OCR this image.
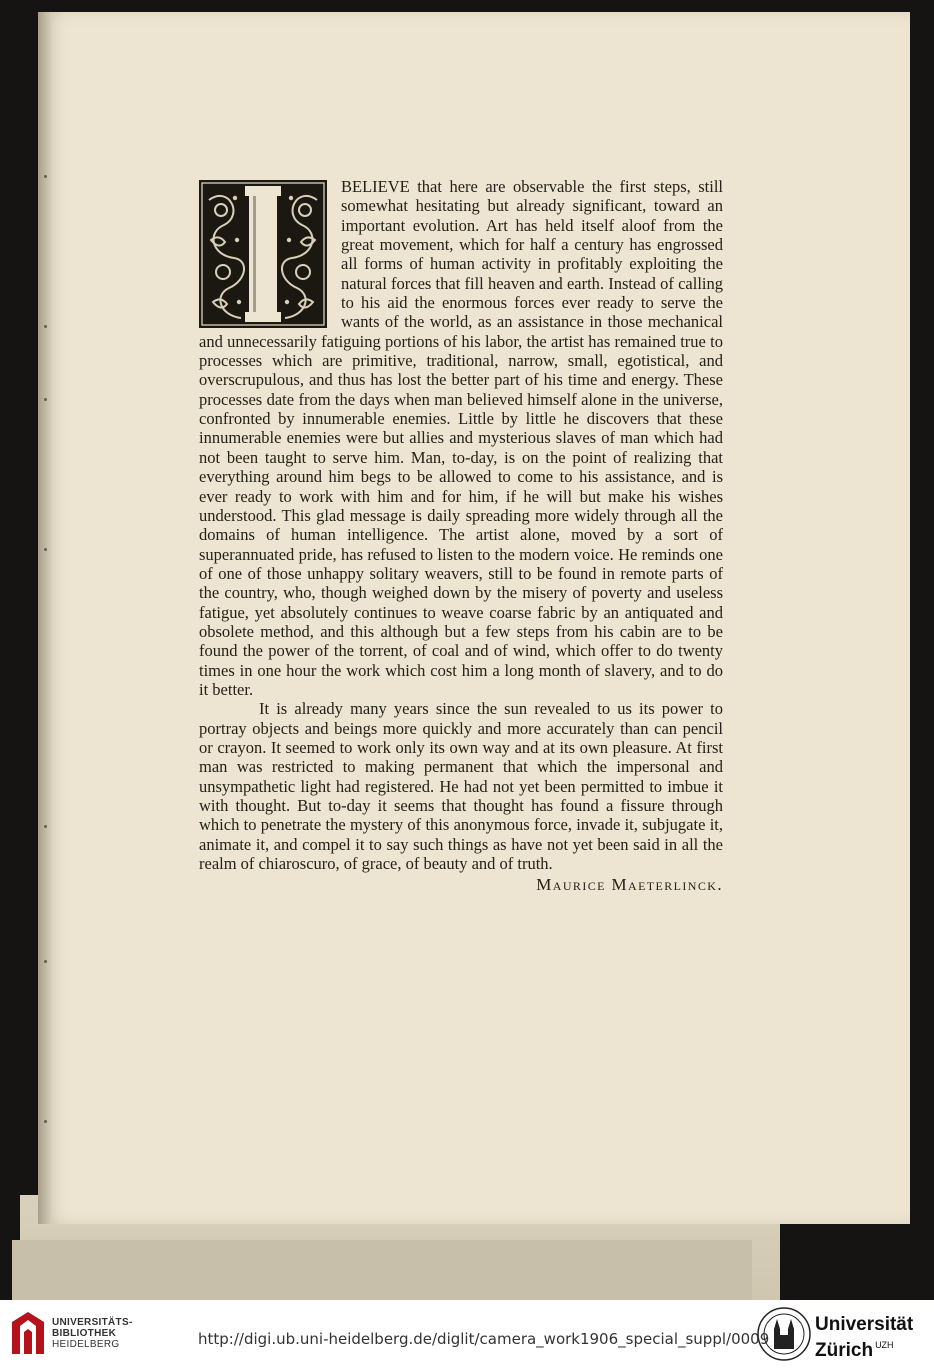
BELIEVE that here are observable the first steps, still somewhat hesitating but already significant, toward an important evolution. Art has held itself aloof from the great movement, which for half a century has engrossed all forms of human activity in profitably exploiting the natural forces that fill heaven and earth. Instead of calling to his aid the enormous forces ever ready to serve the wants of the world, as an assistance in those mechanical and unnecessarily fatiguing portions of his labor, the artist has remained true to processes which are primitive, traditional, narrow, small, egotistical, and overscrupulous, and thus has lost the better part of his time and energy. These processes date from the days when man believed himself alone in the universe, confronted by innumerable enemies. Little by little he discovers that these innumerable enemies were but allies and mysterious slaves of man which had not been taught to serve him. Man, to-day, is on the point of realizing that everything around him begs to be allowed to come to his assistance, and is ever ready to work with him and for him, if he will but make his wishes understood. This glad message is daily spreading more widely through all the domains of human intelligence. The artist alone, moved by a sort of superannuated pride, has refused to listen to the modern voice. He reminds one of one of those unhappy solitary weavers, still to be found in remote parts of the country, who, though weighed down by the misery of poverty and useless fatigue, yet absolutely continues to weave coarse fabric by an antiquated and obsolete method, and this although but a few steps from his cabin are to be found the power of the torrent, of coal and of wind, which offer to do twenty times in one hour the work which cost him a long month of slavery, and to do it better.

It is already many years since the sun revealed to us its power to portray objects and beings more quickly and more accurately than can pencil or crayon. It seemed to work only its own way and at its own pleasure. At first man was restricted to making permanent that which the impersonal and unsympathetic light had registered. He had not yet been permitted to imbue it with thought. But to-day it seems that thought has found a fissure through which to penetrate the mystery of this anonymous force, invade it, subjugate it, animate it, and compel it to say such things as have not yet been said in all the realm of chiaroscuro, of grace, of beauty and of truth.

Maurice Maeterlinck.
UNIVERSITÄTS-
BIBLIOTHEK
HEIDELBERG	http://digi.ub.uni-heidelberg.de/diglit/camera_work1906_special_suppl/0009
Universität
Zürich $^{UZH}$
